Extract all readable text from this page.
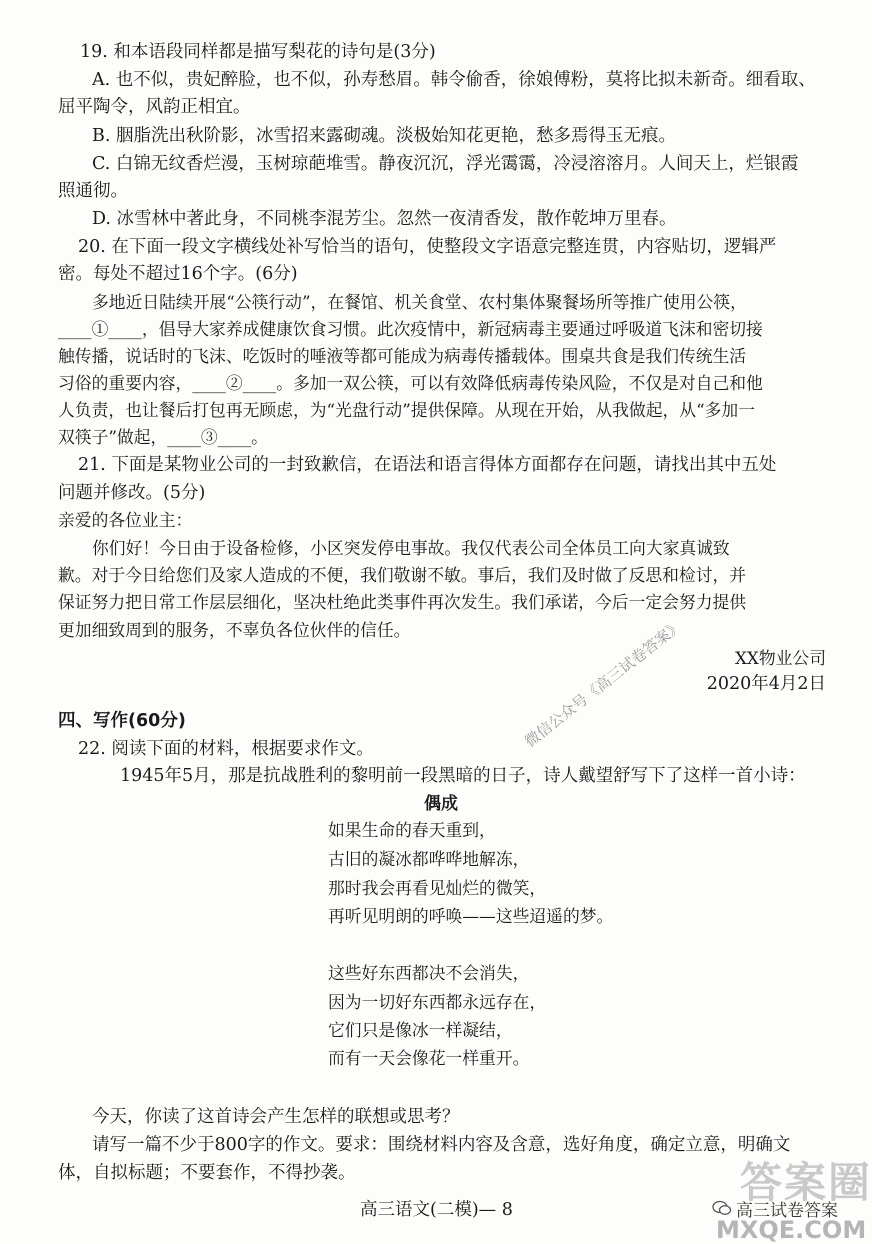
19. 和本语段同样都是描写梨花的诗句是(3分)
A. 也不似，贵妃醉脸，也不似，孙寿愁眉。韩令偷香，徐娘傅粉，莫将比拟未新奇。细看取、
屈平陶令，风韵正相宜。
B. 胭脂洗出秋阶影，冰雪招来露砌魂。淡极始知花更艳，愁多焉得玉无痕。
C. 白锦无纹香烂漫，玉树琼葩堆雪。静夜沉沉，浮光霭霭，冷浸溶溶月。人间天上，烂银霞
照通彻。
D. 冰雪林中著此身，不同桃李混芳尘。忽然一夜清香发，散作乾坤万里春。
20. 在下面一段文字横线处补写恰当的语句，使整段文字语意完整连贯，内容贴切，逻辑严
密。每处不超过16个字。(6分)
多地近日陆续开展“公筷行动”，在餐馆、机关食堂、农村集体聚餐场所等推广使用公筷，
____①____，倡导大家养成健康饮食习惯。此次疫情中，新冠病毒主要通过呼吸道飞沫和密切接
触传播，说话时的飞沫、吃饭时的唾液等都可能成为病毒传播载体。围桌共食是我们传统生活
习俗的重要内容，____②____。多加一双公筷，可以有效降低病毒传染风险，不仅是对自己和他
人负责，也让餐后打包再无顾虑，为“光盘行动”提供保障。从现在开始，从我做起，从“多加一
双筷子”做起，____③____。
21. 下面是某物业公司的一封致歉信，在语法和语言得体方面都存在问题，请找出其中五处
问题并修改。(5分)
亲爱的各位业主：
你们好！今日由于设备检修，小区突发停电事故。我仅代表公司全体员工向大家真诚致
歉。对于今日给您们及家人造成的不便，我们敬谢不敏。事后，我们及时做了反思和检讨，并
保证努力把日常工作层层细化，坚决杜绝此类事件再次发生。我们承诺，今后一定会努力提供
更加细致周到的服务，不辜负各位伙伴的信任。
XX物业公司
2020年4月2日
四、写作(60分)
22. 阅读下面的材料，根据要求作文。
1945年5月，那是抗战胜利的黎明前一段黑暗的日子，诗人戴望舒写下了这样一首小诗：
偶成
如果生命的春天重到，
古旧的凝冰都哗哗地解冻，
那时我会再看见灿烂的微笑，
再听见明朗的呼唤——这些迢遥的梦。
这些好东西都决不会消失，
因为一切好东西都永远存在，
它们只是像冰一样凝结，
而有一天会像花一样重开。
今天，你读了这首诗会产生怎样的联想或思考？
请写一篇不少于800字的作文。要求：围绕材料内容及含意，选好角度，确定立意，明确文
体，自拟标题；不要套作，不得抄袭。
高三语文(二模)— 8
微信公众号《高三试卷答案》
答案圈
高三试卷答案
MXQE.COM
